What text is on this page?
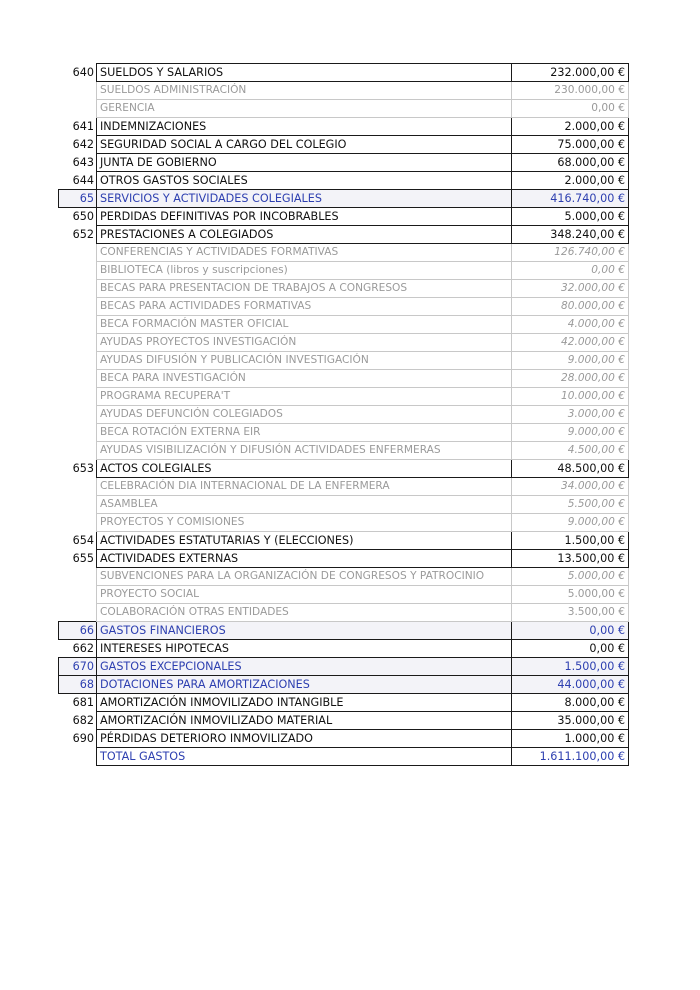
640	SUELDOS Y SALARIOS	232.000,00 €
	SUELDOS ADMINISTRACIÓN	230.000,00 €
	GERENCIA	0,00 €
641	INDEMNIZACIONES	2.000,00 €
642	SEGURIDAD SOCIAL A CARGO DEL COLEGIO	75.000,00 €
643	JUNTA DE GOBIERNO	68.000,00 €
644	OTROS GASTOS SOCIALES	2.000,00 €
65	SERVICIOS Y ACTIVIDADES COLEGIALES	416.740,00 €
650	PERDIDAS DEFINITIVAS POR INCOBRABLES	5.000,00 €
652	PRESTACIONES A COLEGIADOS	348.240,00 €
	CONFERENCIAS Y ACTIVIDADES FORMATIVAS	126.740,00 €
	BIBLIOTECA (libros y suscripciones)	0,00 €
	BECAS PARA PRESENTACION DE TRABAJOS A CONGRESOS	32.000,00 €
	BECAS PARA ACTIVIDADES FORMATIVAS	80.000,00 €
	BECA FORMACIÓN MASTER OFICIAL	4.000,00 €
	AYUDAS PROYECTOS INVESTIGACIÓN	42.000,00 €
	AYUDAS DIFUSIÓN Y PUBLICACIÓN INVESTIGACIÓN	9.000,00 €
	BECA PARA INVESTIGACIÓN	28.000,00 €
	PROGRAMA RECUPERA'T	10.000,00 €
	AYUDAS DEFUNCIÓN COLEGIADOS	3.000,00 €
	BECA ROTACIÓN EXTERNA EIR	9.000,00 €
	AYUDAS VISIBILIZACIÓN Y DIFUSIÓN ACTIVIDADES ENFERMERAS	4.500,00 €
653	ACTOS COLEGIALES	48.500,00 €
	CELEBRACIÓN DIA INTERNACIONAL DE LA ENFERMERA	34.000,00 €
	ASAMBLEA	5.500,00 €
	PROYECTOS Y COMISIONES	9.000,00 €
654	ACTIVIDADES ESTATUTARIAS Y (ELECCIONES)	1.500,00 €
655	ACTIVIDADES EXTERNAS	13.500,00 €
	SUBVENCIONES PARA LA ORGANIZACIÓN DE CONGRESOS Y PATROCINIO	5.000,00 €
	PROYECTO SOCIAL	5.000,00 €
	COLABORACIÓN OTRAS ENTIDADES	3.500,00 €
66	GASTOS FINANCIEROS	0,00 €
662	INTERESES HIPOTECAS	0,00 €
670	GASTOS EXCEPCIONALES	1.500,00 €
68	DOTACIONES PARA AMORTIZACIONES	44.000,00 €
681	AMORTIZACIÓN INMOVILIZADO INTANGIBLE	8.000,00 €
682	AMORTIZACIÓN INMOVILIZADO MATERIAL	35.000,00 €
690	PÉRDIDAS DETERIORO INMOVILIZADO	1.000,00 €
	TOTAL GASTOS	1.611.100,00 €
